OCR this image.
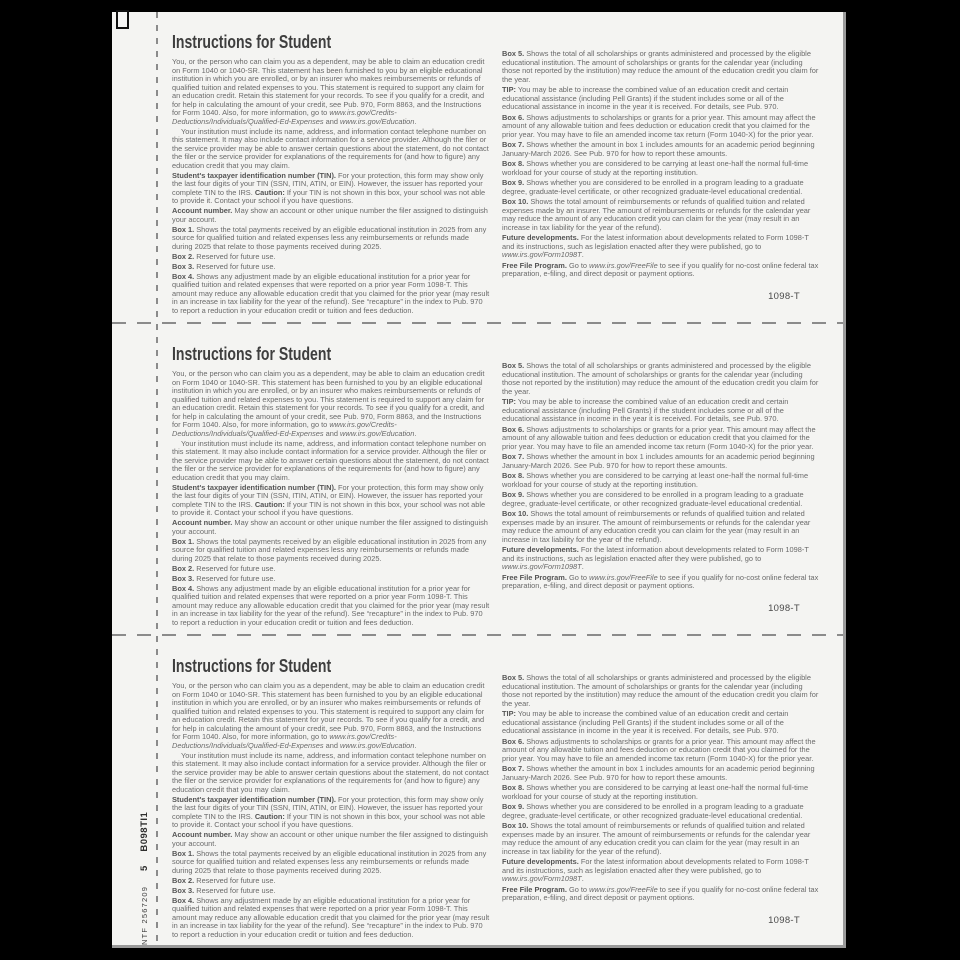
NTF 2567209
5
B098TI1
Instructions for Student

You, or the person who can claim you as a dependent, may be able to claim an education credit on Form 1040 or 1040-SR. This statement has been furnished to you by an eligible educational institution in which you are enrolled, or by an insurer who makes reimbursements or refunds of qualified tuition and related expenses to you. This statement is required to support any claim for an education credit. Retain this statement for your records. To see if you qualify for a credit, and for help in calculating the amount of your credit, see Pub. 970, Form 8863, and the Instructions for Form 1040. Also, for more information, go to www.irs.gov/Credits-Deductions/Individuals/Qualified-Ed-Expenses and www.irs.gov/Education.

Your institution must include its name, address, and information contact telephone number on this statement. It may also include contact information for a service provider. Although the filer or the service provider may be able to answer certain questions about the statement, do not contact the filer or the service provider for explanations of the requirements for (and how to figure) any education credit that you may claim.

Student's taxpayer identification number (TIN). For your protection, this form may show only the last four digits of your TIN (SSN, ITIN, ATIN, or EIN). However, the issuer has reported your complete TIN to the IRS. Caution: If your TIN is not shown in this box, your school was not able to provide it. Contact your school if you have questions.

Account number. May show an account or other unique number the filer assigned to distinguish your account.

Box 1. Shows the total payments received by an eligible educational institution in 2025 from any source for qualified tuition and related expenses less any reimbursements or refunds made during 2025 that relate to those payments received during 2025.

Box 2. Reserved for future use.

Box 3. Reserved for future use.

Box 4. Shows any adjustment made by an eligible educational institution for a prior year for qualified tuition and related expenses that were reported on a prior year Form 1098-T. This amount may reduce any allowable education credit that you claimed for the prior year (may result in an increase in tax liability for the year of the refund). See “recapture” in the index to Pub. 970 to report a reduction in your education credit or tuition and fees deduction.

Box 5. Shows the total of all scholarships or grants administered and processed by the eligible educational institution. The amount of scholarships or grants for the calendar year (including those not reported by the institution) may reduce the amount of the education credit you claim for the year.

TIP: You may be able to increase the combined value of an education credit and certain educational assistance (including Pell Grants) if the student includes some or all of the educational assistance in income in the year it is received. For details, see Pub. 970.

Box 6. Shows adjustments to scholarships or grants for a prior year. This amount may affect the amount of any allowable tuition and fees deduction or education credit that you claimed for the prior year. You may have to file an amended income tax return (Form 1040-X) for the prior year.

Box 7. Shows whether the amount in box 1 includes amounts for an academic period beginning January-March 2026. See Pub. 970 for how to report these amounts.

Box 8. Shows whether you are considered to be carrying at least one-half the normal full-time workload for your course of study at the reporting institution.

Box 9. Shows whether you are considered to be enrolled in a program leading to a graduate degree, graduate-level certificate, or other recognized graduate-level educational credential.

Box 10. Shows the total amount of reimbursements or refunds of qualified tuition and related expenses made by an insurer. The amount of reimbursements or refunds for the calendar year may reduce the amount of any education credit you can claim for the year (may result in an increase in tax liability for the year of the refund).

Future developments. For the latest information about developments related to Form 1098-T and its instructions, such as legislation enacted after they were published, go to www.irs.gov/Form1098T.

Free File Program. Go to www.irs.gov/FreeFile to see if you qualify for no-cost online federal tax preparation, e-filing, and direct deposit or payment options.

1098-T
Instructions for Student

You, or the person who can claim you as a dependent, may be able to claim an education credit on Form 1040 or 1040-SR. This statement has been furnished to you by an eligible educational institution in which you are enrolled, or by an insurer who makes reimbursements or refunds of qualified tuition and related expenses to you. This statement is required to support any claim for an education credit. Retain this statement for your records. To see if you qualify for a credit, and for help in calculating the amount of your credit, see Pub. 970, Form 8863, and the Instructions for Form 1040. Also, for more information, go to www.irs.gov/Credits-Deductions/Individuals/Qualified-Ed-Expenses and www.irs.gov/Education.

Your institution must include its name, address, and information contact telephone number on this statement. It may also include contact information for a service provider. Although the filer or the service provider may be able to answer certain questions about the statement, do not contact the filer or the service provider for explanations of the requirements for (and how to figure) any education credit that you may claim.

Student's taxpayer identification number (TIN). For your protection, this form may show only the last four digits of your TIN (SSN, ITIN, ATIN, or EIN). However, the issuer has reported your complete TIN to the IRS. Caution: If your TIN is not shown in this box, your school was not able to provide it. Contact your school if you have questions.

Account number. May show an account or other unique number the filer assigned to distinguish your account.

Box 1. Shows the total payments received by an eligible educational institution in 2025 from any source for qualified tuition and related expenses less any reimbursements or refunds made during 2025 that relate to those payments received during 2025.

Box 2. Reserved for future use.

Box 3. Reserved for future use.

Box 4. Shows any adjustment made by an eligible educational institution for a prior year for qualified tuition and related expenses that were reported on a prior year Form 1098-T. This amount may reduce any allowable education credit that you claimed for the prior year (may result in an increase in tax liability for the year of the refund). See “recapture” in the index to Pub. 970 to report a reduction in your education credit or tuition and fees deduction.

Box 5. Shows the total of all scholarships or grants administered and processed by the eligible educational institution. The amount of scholarships or grants for the calendar year (including those not reported by the institution) may reduce the amount of the education credit you claim for the year.

TIP: You may be able to increase the combined value of an education credit and certain educational assistance (including Pell Grants) if the student includes some or all of the educational assistance in income in the year it is received. For details, see Pub. 970.

Box 6. Shows adjustments to scholarships or grants for a prior year. This amount may affect the amount of any allowable tuition and fees deduction or education credit that you claimed for the prior year. You may have to file an amended income tax return (Form 1040-X) for the prior year.

Box 7. Shows whether the amount in box 1 includes amounts for an academic period beginning January-March 2026. See Pub. 970 for how to report these amounts.

Box 8. Shows whether you are considered to be carrying at least one-half the normal full-time workload for your course of study at the reporting institution.

Box 9. Shows whether you are considered to be enrolled in a program leading to a graduate degree, graduate-level certificate, or other recognized graduate-level educational credential.

Box 10. Shows the total amount of reimbursements or refunds of qualified tuition and related expenses made by an insurer. The amount of reimbursements or refunds for the calendar year may reduce the amount of any education credit you can claim for the year (may result in an increase in tax liability for the year of the refund).

Future developments. For the latest information about developments related to Form 1098-T and its instructions, such as legislation enacted after they were published, go to www.irs.gov/Form1098T.

Free File Program. Go to www.irs.gov/FreeFile to see if you qualify for no-cost online federal tax preparation, e-filing, and direct deposit or payment options.

1098-T
Instructions for Student

You, or the person who can claim you as a dependent, may be able to claim an education credit on Form 1040 or 1040-SR. This statement has been furnished to you by an eligible educational institution in which you are enrolled, or by an insurer who makes reimbursements or refunds of qualified tuition and related expenses to you. This statement is required to support any claim for an education credit. Retain this statement for your records. To see if you qualify for a credit, and for help in calculating the amount of your credit, see Pub. 970, Form 8863, and the Instructions for Form 1040. Also, for more information, go to www.irs.gov/Credits-Deductions/Individuals/Qualified-Ed-Expenses and www.irs.gov/Education.

Your institution must include its name, address, and information contact telephone number on this statement. It may also include contact information for a service provider. Although the filer or the service provider may be able to answer certain questions about the statement, do not contact the filer or the service provider for explanations of the requirements for (and how to figure) any education credit that you may claim.

Student's taxpayer identification number (TIN). For your protection, this form may show only the last four digits of your TIN (SSN, ITIN, ATIN, or EIN). However, the issuer has reported your complete TIN to the IRS. Caution: If your TIN is not shown in this box, your school was not able to provide it. Contact your school if you have questions.

Account number. May show an account or other unique number the filer assigned to distinguish your account.

Box 1. Shows the total payments received by an eligible educational institution in 2025 from any source for qualified tuition and related expenses less any reimbursements or refunds made during 2025 that relate to those payments received during 2025.

Box 2. Reserved for future use.

Box 3. Reserved for future use.

Box 4. Shows any adjustment made by an eligible educational institution for a prior year for qualified tuition and related expenses that were reported on a prior year Form 1098-T. This amount may reduce any allowable education credit that you claimed for the prior year (may result in an increase in tax liability for the year of the refund). See “recapture” in the index to Pub. 970 to report a reduction in your education credit or tuition and fees deduction.

Box 5. Shows the total of all scholarships or grants administered and processed by the eligible educational institution. The amount of scholarships or grants for the calendar year (including those not reported by the institution) may reduce the amount of the education credit you claim for the year.

TIP: You may be able to increase the combined value of an education credit and certain educational assistance (including Pell Grants) if the student includes some or all of the educational assistance in income in the year it is received. For details, see Pub. 970.

Box 6. Shows adjustments to scholarships or grants for a prior year. This amount may affect the amount of any allowable tuition and fees deduction or education credit that you claimed for the prior year. You may have to file an amended income tax return (Form 1040-X) for the prior year.

Box 7. Shows whether the amount in box 1 includes amounts for an academic period beginning January-March 2026. See Pub. 970 for how to report these amounts.

Box 8. Shows whether you are considered to be carrying at least one-half the normal full-time workload for your course of study at the reporting institution.

Box 9. Shows whether you are considered to be enrolled in a program leading to a graduate degree, graduate-level certificate, or other recognized graduate-level educational credential.

Box 10. Shows the total amount of reimbursements or refunds of qualified tuition and related expenses made by an insurer. The amount of reimbursements or refunds for the calendar year may reduce the amount of any education credit you can claim for the year (may result in an increase in tax liability for the year of the refund).

Future developments. For the latest information about developments related to Form 1098-T and its instructions, such as legislation enacted after they were published, go to www.irs.gov/Form1098T.

Free File Program. Go to www.irs.gov/FreeFile to see if you qualify for no-cost online federal tax preparation, e-filing, and direct deposit or payment options.

1098-T
